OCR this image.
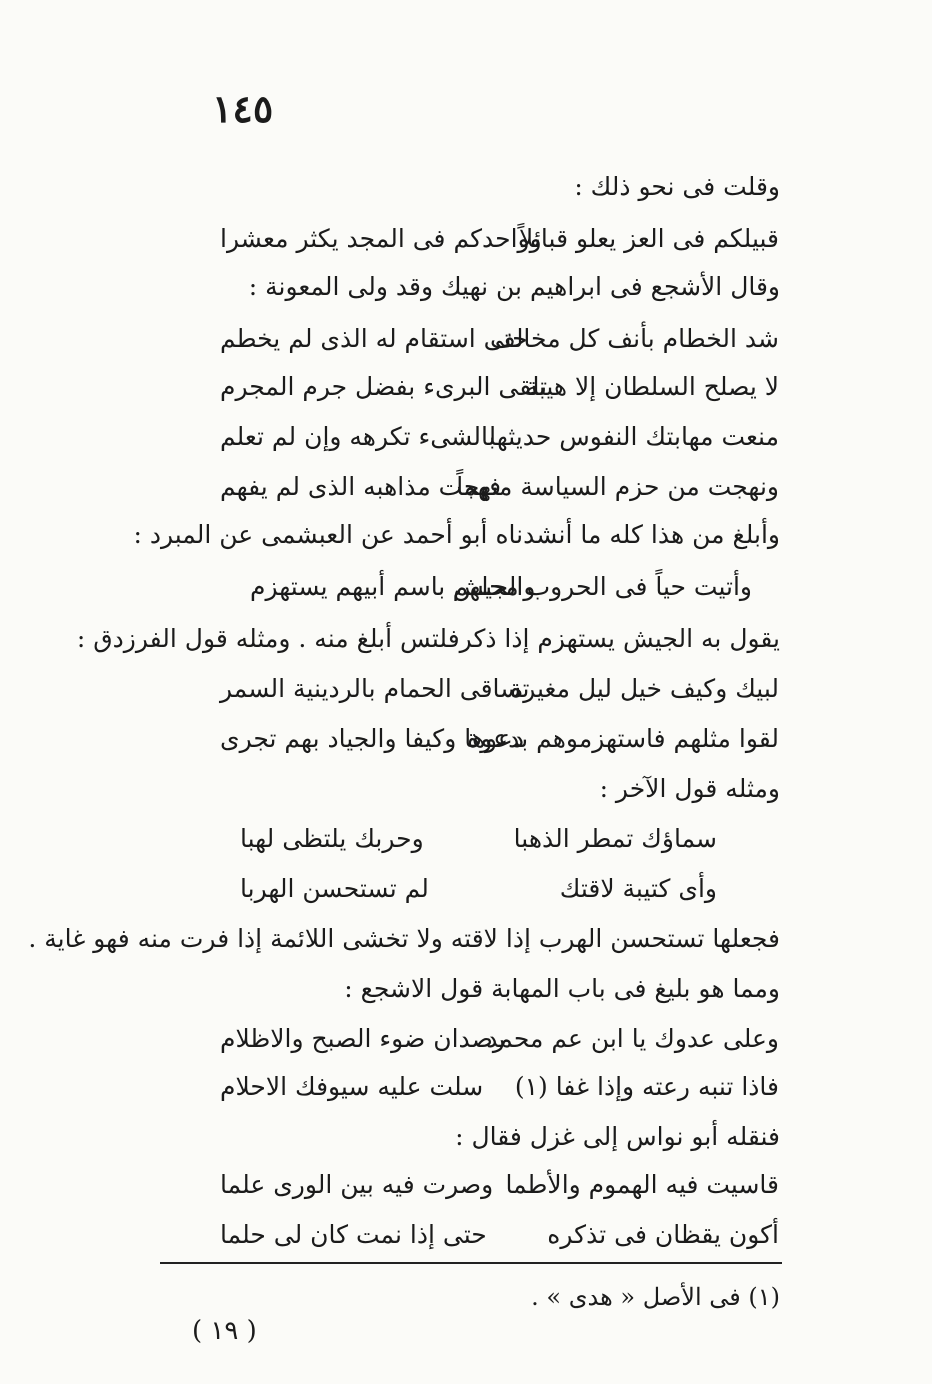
١٤٥
وقلت فى نحو ذلك :
قبيلكم فى العز يعلو قبائلاً
وواحدكم فى المجد يكثر معشرا
وقال الأشجع فى ابراهيم بن نهيك وقد ولى المعونة :
شد الخطام بأنف كل مخالف
حتى استقام له الذى لم يخطم
لا يصلح السلطان إلا هيبة
تلقى البرىء بفضل جرم المجرم
منعت مهابتك النفوس حديثها
بالشىء تكرهه وإن لم تعلم
ونهجت من حزم السياسة منهجاً
فهمت مذاهبه الذى لم يفهم
وأبلغ من هذا كله ما أنشدناه أبو أحمد عن العبشمى عن المبرد :
وأتيت حياً فى الحروب محلهم
والجيش باسم أبيهم يستهزم
يقول به الجيش يستهزم إذا ذكرفلتس أبلغ منه . ومثله قول الفرزدق :
لبيك وكيف خيل ليل مغيرة
تساقى الحمام بالردينية السمر
لقوا مثلهم فاستهزموهم بدعوة
دعوها وكيفا والجياد بهم تجرى
ومثله قول الآخر :
سماؤك تمطر الذهبا
وحربك يلتظى لهبا
وأى كتيبة لاقتك
لم تستحسن الهربا
فجعلها تستحسن الهرب إذا لاقته ولا تخشى اللائمة إذا فرت منه فهو غاية .
ومما هو بليغ فى باب المهابة قول الاشجع :
وعلى عدوك يا ابن عم محمد
رصدان ضوء الصبح والاظلام
فاذا تنبه رعته وإذا غفا (١)
سلت عليه سيوفك الاحلام
فنقله أبو نواس إلى غزل فقال :
قاسيت فيه الهموم والأطما
وصرت فيه بين الورى علما
أكون يقظان فى تذكره
حتى إذا نمت كان لى حلما
(١) فى الأصل « هدى » .
( ١٩ )
